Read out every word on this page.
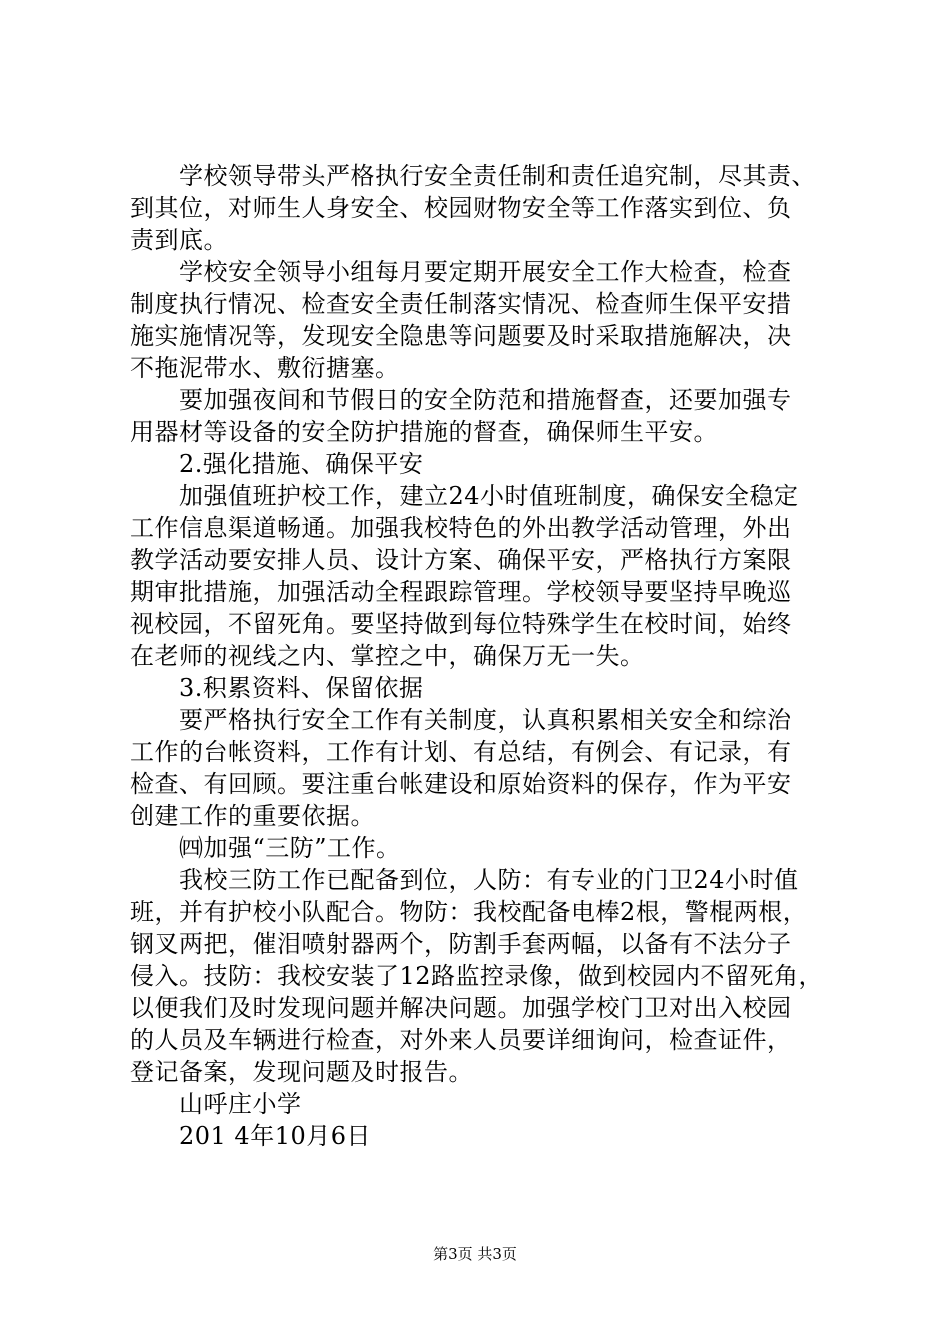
　　学校领导带头严格执行安全责任制和责任追究制，尽其责、
到其位，对师生人身安全、校园财物安全等工作落实到位、负
责到底。
　　学校安全领导小组每月要定期开展安全工作大检查，检查
制度执行情况、检查安全责任制落实情况、检查师生保平安措
施实施情况等，发现安全隐患等问题要及时采取措施解决，决
不拖泥带水、敷衍搪塞。
　　要加强夜间和节假日的安全防范和措施督查，还要加强专
用器材等设备的安全防护措施的督查，确保师生平安。
　　2.强化措施、确保平安
　　加强值班护校工作，建立24小时值班制度，确保安全稳定
工作信息渠道畅通。加强我校特色的外出教学活动管理，外出
教学活动要安排人员、设计方案、确保平安，严格执行方案限
期审批措施，加强活动全程跟踪管理。学校领导要坚持早晚巡
视校园，不留死角。要坚持做到每位特殊学生在校时间，始终
在老师的视线之内、掌控之中，确保万无一失。
　　3.积累资料、保留依据
　　要严格执行安全工作有关制度，认真积累相关安全和综治
工作的台帐资料，工作有计划、有总结，有例会、有记录，有
检查、有回顾。要注重台帐建设和原始资料的保存，作为平安
创建工作的重要依据。
　　㈣加强“三防”工作。
　　我校三防工作已配备到位，人防：有专业的门卫24小时值
班，并有护校小队配合。物防：我校配备电棒2根，警棍两根，
钢叉两把，催泪喷射器两个，防割手套两幅，以备有不法分子
侵入。技防：我校安装了12路监控录像，做到校园内不留死角，
以便我们及时发现问题并解决问题。加强学校门卫对出入校园
的人员及车辆进行检查，对外来人员要详细询问，检查证件，
登记备案，发现问题及时报告。
　　山呼庄小学
　　201 4年10月6日
第3页 共3页
